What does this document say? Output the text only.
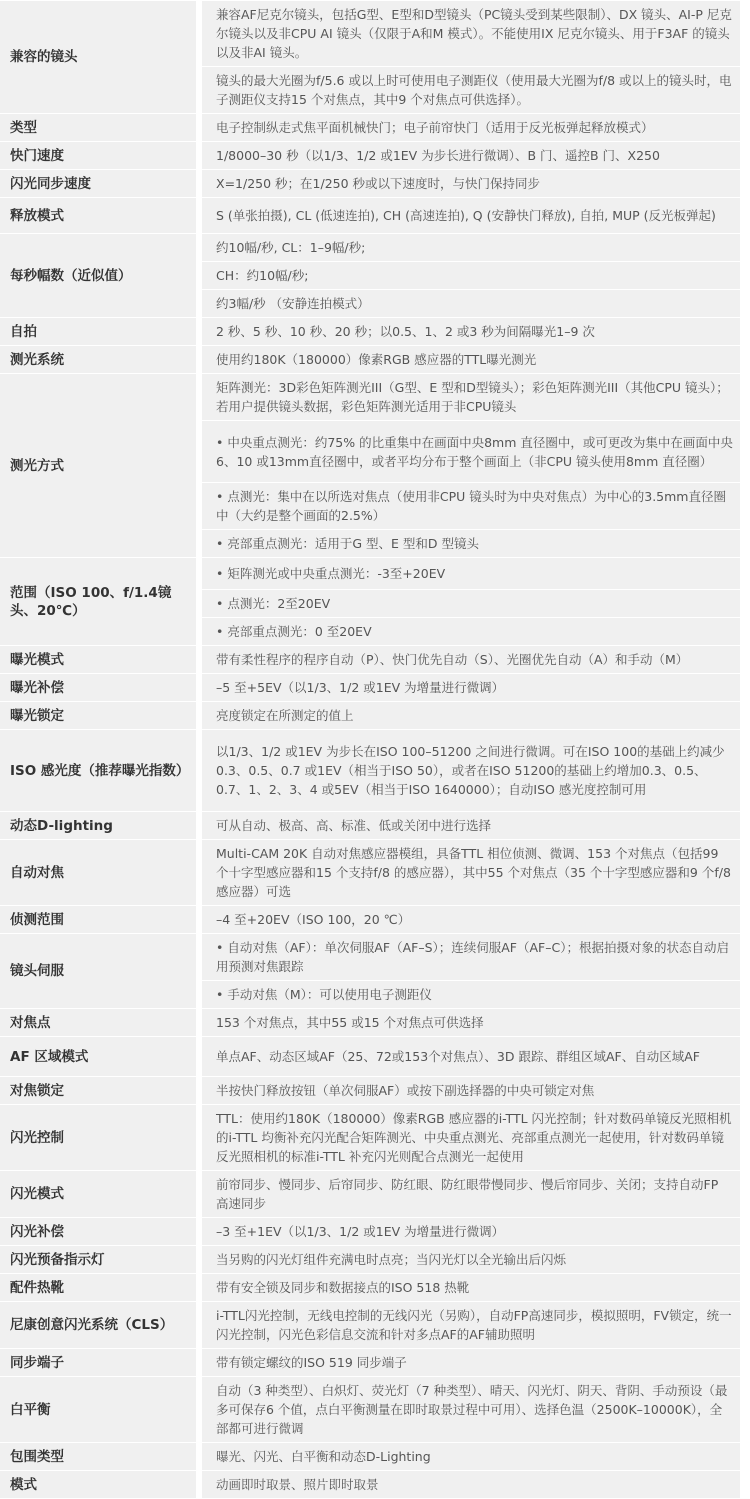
兼容的镜头		兼容AF尼克尔镜头，包括G型、E型和D型镜头（PC镜头受到某些限制）、DX 镜头、AI-P 尼克尔镜头以及非CPU AI 镜头（仅限于A和M 模式）。不能使用IX 尼克尔镜头、用于F3AF 的镜头以及非AI 镜头。
		镜头的最大光圈为f/5.6 或以上时可使用电子测距仪（使用最大光圈为f/8 或以上的镜头时，电子测距仪支持15 个对焦点，其中9 个对焦点可供选择）。
类型		电子控制纵走式焦平面机械快门；电子前帘快门（适用于反光板弹起释放模式）
快门速度		1/8000–30 秒（以1/3、1/2 或1EV 为步长进行微调）、B 门、遥控B 门、X250
闪光同步速度		X=1/250 秒；在1/250 秒或以下速度时，与快门保持同步
释放模式		S (单张拍摄), CL (低速连拍), CH (高速连拍), Q (安静快门释放), 自拍, MUP (反光板弹起)
每秒幅数（近似值）		约10幅/秒, CL：1–9幅/秒;
		CH：约10幅/秒;
		约3幅/秒 （安静连拍模式）
自拍		2 秒、5 秒、10 秒、20 秒；以0.5、1、2 或3 秒为间隔曝光1–9 次
测光系统		使用约180K（180000）像素RGB 感应器的TTL曝光测光
测光方式		矩阵测光：3D彩色矩阵测光III（G型、E 型和D型镜头）；彩色矩阵测光III（其他CPU 镜头）；若用户提供镜头数据，彩色矩阵测光适用于非CPU镜头
		• 中央重点测光：约75% 的比重集中在画面中央8mm 直径圈中，或可更改为集中在画面中央6、10 或13mm直径圈中，或者平均分布于整个画面上（非CPU 镜头使用8mm 直径圈）
		• 点测光：集中在以所选对焦点（使用非CPU 镜头时为中央对焦点）为中心的3.5mm直径圈中（大约是整个画面的2.5%）
		• 亮部重点测光：适用于G 型、E 型和D 型镜头
范围（ISO 100、f/1.4镜头、20℃）		• 矩阵测光或中央重点测光：-3至+20EV
		• 点测光：2至20EV
		• 亮部重点测光：0 至20EV
曝光模式		带有柔性程序的程序自动（P）、快门优先自动（S）、光圈优先自动（A）和手动（M）
曝光补偿		–5 至+5EV（以1/3、1/2 或1EV 为增量进行微调）
曝光锁定		亮度锁定在所测定的值上
ISO 感光度（推荐曝光指数）		以1/3、1/2 或1EV 为步长在ISO 100–51200 之间进行微调。可在ISO 100的基础上约减少0.3、0.5、0.7 或1EV（相当于ISO 50），或者在ISO 51200的基础上约增加0.3、0.5、0.7、1、2、3、4 或5EV（相当于ISO 1640000）；自动ISO 感光度控制可用
动态D-lighting		可从自动、极高、高、标准、低或关闭中进行选择
自动对焦		Multi-CAM 20K 自动对焦感应器模组，具备TTL 相位侦测、微调、153 个对焦点（包括99 个十字型感应器和15 个支持f/8 的感应器），其中55 个对焦点（35 个十字型感应器和9 个f/8 感应器）可选
侦测范围		–4 至+20EV（ISO 100，20 ℃）
镜头伺服		• 自动对焦（AF）：单次伺服AF（AF–S）；连续伺服AF（AF–C）；根据拍摄对象的状态自动启用预测对焦跟踪
		• 手动对焦（M）：可以使用电子测距仪
对焦点		153 个对焦点，其中55 或15 个对焦点可供选择
AF 区域模式		单点AF、动态区域AF（25、72或153个对焦点）、3D 跟踪、群组区域AF、自动区域AF
对焦锁定		半按快门释放按钮（单次伺服AF）或按下副选择器的中央可锁定对焦
闪光控制		TTL：使用约180K（180000）像素RGB 感应器的i-TTL 闪光控制；针对数码单镜反光照相机的i-TTL 均衡补充闪光配合矩阵测光、中央重点测光、亮部重点测光一起使用，针对数码单镜反光照相机的标准i-TTL 补充闪光则配合点测光一起使用
闪光模式		前帘同步、慢同步、后帘同步、防红眼、防红眼带慢同步、慢后帘同步、关闭；支持自动FP 高速同步
闪光补偿		–3 至+1EV（以1/3、1/2 或1EV 为增量进行微调）
闪光预备指示灯		当另购的闪光灯组件充满电时点亮；当闪光灯以全光输出后闪烁
配件热靴		带有安全锁及同步和数据接点的ISO 518 热靴
尼康创意闪光系统（CLS）		i-TTL闪光控制，无线电控制的无线闪光（另购），自动FP高速同步，模拟照明，FV锁定，统一闪光控制，闪光色彩信息交流和针对多点AF的AF辅助照明
同步端子		带有锁定螺纹的ISO 519 同步端子
白平衡		自动（3 种类型）、白炽灯、荧光灯（7 种类型）、晴天、闪光灯、阴天、背阴、手动预设（最多可保存6 个值，点白平衡测量在即时取景过程中可用）、选择色温（2500K–10000K），全部都可进行微调
包围类型		曝光、闪光、白平衡和动态D-Lighting
模式		动画即时取景、照片即时取景
